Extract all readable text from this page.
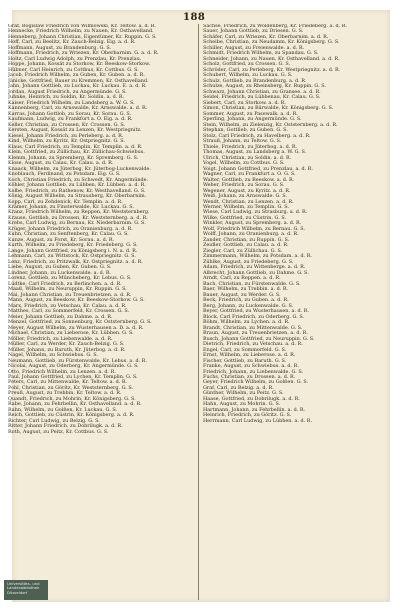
188
Graf, Bogislaw Friedrich von Wilmowski, Kr. Teltow. a. d. R.
Hennecke, Friedrich Wilhelm, zu Nauen, Kr. Osthavelland.
Henneberg, Johann Christian, Eigentümer, Kr. Ruppin. G. S.
Hoff, Carl, zu Beelitz, Kr. Zauch-Belzig. Eig. a. d. R.
Hoffmann, August, zu Brandenburg. G. S.
Hoffmann, Friedrich, zu Wriezen, Kr. Oberbarnim. G. a. d. R.
Holtz, Carl Ludwig Adolph, zu Prenzlau, Kr. Prenzlau.
Hoppe, Johann, Kossät zu Storkow, Kr. Beeskow-Storkow.
Hübner, Carl Heinrich, zu Cottbus, Kr. Cottbus. G. S.
Jacob, Friedrich Wilhelm, zu Guben, Kr. Guben. a. d. R.
Jänicke, Gottfried, Bauer zu Kremmen, Kr. Osthavelland.
Jahn, Johann Gottlieb, zu Luckau, Kr. Luckau. E. a. d. R.
Jordan, August Friedrich, zu Angermünde. G. S.
Juhnke, Heinrich, zu Soldin, Kr. Soldin. a. d. R.
Kaiser, Friedrich Wilhelm, zu Landsberg a. W. G. S.
Kannenberg, Carl, zu Arnswalde, Kr. Arnswalde. a. d. R.
Karras, Johann Gottlob, zu Sorau, Kr. Sorau. G. S.
Kaufmann, Ludwig, zu Frankfurt a. O. Eig. a. d. R.
Keller, Christian, zu Crossen, Kr. Crossen. G. S.
Kersten, August, Kossät zu Lenzen, Kr. Westpriegnitz.
Kiesel, Johann Friedrich, zu Perleberg. a. d. R.
Kind, Wilhelm, zu Kyritz, Kr. Ostpriegnitz. G. S.
Klaus, Carl Friedrich, zu Templin, Kr. Templin. a. d. R.
Klein, Gottfried, zu Züllichau, Kr. Züllichau-Schwiebus.
Klemm, Johann, zu Spremberg, Kr. Spremberg. G. S.
Klose, August, zu Calau, Kr. Calau. a. d. R.
Knaack, Wilhelm, zu Jüterbog, Kr. Jüterbog-Luckenwalde.
Knoblauch, Ferdinand, zu Potsdam. Eig. G. S.
Koch, Christian Friedrich, zu Schwedt, Kr. Angermünde.
Köhler, Johann Gottlieb, zu Lübben, Kr. Lübben. a. d. R.
Kolbe, Friedrich, zu Rathenow, Kr. Westhavelland. G. S.
König, August Wilhelm, zu Strausberg, Kr. Oberbarnim.
Kopp, Carl, zu Zehdenick, Kr. Templin. a. d. R.
Krämer, Johann, zu Finsterwalde, Kr. Luckau. G. S.
Kranz, Friedrich Wilhelm, zu Reppen, Kr. Weststernberg.
Krause, Gottlieb, zu Drossen, Kr. Weststernberg. a. d. R.
Krebs, Carl Ludwig, zu Bernau, Kr. Niederbarnim. G. S.
Krüger, Johann Friedrich, zu Oranienburg. a. d. R.
Kuhn, Christian, zu Senftenberg, Kr. Calau. G. S.
Kunze, August, zu Forst, Kr. Sorau. a. d. R.
Kurth, Wilhelm, zu Friedeberg, Kr. Friedeberg. G. S.
Lange, Johann Gottfried, zu Königsberg i. N. a. d. R.
Lehmann, Carl, zu Wittstock, Kr. Ostpriegnitz. G. S.
Lenz, Friedrich, zu Pritzwalk, Kr. Ostpriegnitz. a. d. R.
Liebe, August, zu Guben, Kr. Guben. G. S.
Lindner, Johann, zu Luckenwalde. a. d. R.
Lorenz, Gottlieb, zu Müncheberg, Kr. Lebus. G. S.
Lüdtke, Carl Friedrich, zu Berlinchen. a. d. R.
Maaß, Wilhelm, zu Neuruppin, Kr. Ruppin. G. S.
Mai, Johann Christian, zu Treuenbrietzen. a. d. R.
Mann, August, zu Beeskow, Kr. Beeskow-Storkow. G. S.
Marx, Friedrich, zu Vetschau, Kr. Calau. a. d. R.
Matthes, Carl, zu Sommerfeld, Kr. Crossen. G. S.
Meier, Johann Gottlieb, zu Dahme. a. d. R.
Menzel, Gottfried, zu Sonnenburg, Kr. Oststernberg. G. S.
Meyer, August Wilhelm, zu Wusterhausen a. D. a. d. R.
Michael, Christian, zu Lieberose, Kr. Lübben. G. S.
Möller, Friedrich, zu Liebenwalde. a. d. R.
Müller, Carl, zu Werder, Kr. Zauch-Belzig. G. S.
Müller, Johann, zu Baruth, Kr. Jüterbog. a. d. R.
Nagel, Wilhelm, zu Schwiebus. G. S.
Neumann, Gottlieb, zu Fürstenwalde, Kr. Lebus. a. d. R.
Nicolai, August, zu Oderberg, Kr. Angermünde. G. S.
Otto, Friedrich Wilhelm, zu Lenzen. a. d. R.
Paul, Johann Gottfried, zu Lychen, Kr. Templin. G. S.
Peters, Carl, zu Mittenwalde, Kr. Teltow. a. d. R.
Pohl, Christian, zu Göritz, Kr. Weststernberg. G. S.
Preuß, August, zu Trebbin, Kr. Teltow. a. d. R.
Quandt, Friedrich, zu Mohrin, Kr. Königsberg. G. S.
Rabe, Johann, zu Fehrbellin, Kr. Osthavelland. a. d. R.
Rahn, Wilhelm, zu Golßen, Kr. Luckau. G. S.
Reich, Gottlieb, zu Cüstrin, Kr. Königsberg. a. d. R.
Richter, Carl Ludwig, zu Belzig. G. S.
Ritter, Johann Friedrich, zu Dobrilugk. a. d. R.
Roth, August, zu Peitz, Kr. Cottbus. G. S.
Sachse, Friedrich, zu Woldenberg, Kr. Friedeberg. a. d. R.
Sauer, Johann Gottlieb, zu Driesen. G. S.
Schäfer, Carl, zu Wriezen, Kr. Oberbarnim. a. d. R.
Scheibe, Christian, zu Neudamm, Kr. Königsberg. G. S.
Schiller, August, zu Freienwalde. a. d. R.
Schmidt, Friedrich Wilhelm, zu Spandau. G. S.
Schneider, Johann, zu Nauen, Kr. Osthavelland. a. d. R.
Scholz, Gottfried, zu Crossen. G. S.
Schröder, Carl, zu Perleberg, Kr. Westpriegnitz. a. d. R.
Schubert, Wilhelm, zu Luckau. G. S.
Schulz, Gottlieb, zu Brandenburg. a. d. R.
Schulze, August, zu Rheinsberg, Kr. Ruppin. G. S.
Schwarz, Johann Christian, zu Gransee. a. d. R.
Seidel, Friedrich, zu Lübbenau, Kr. Calau. G. S.
Siebert, Carl, zu Storkow. a. d. R.
Simon, Christian, zu Bärwalde, Kr. Königsberg. G. S.
Sommer, August, zu Pasewalk. a. d. R.
Sperling, Johann, zu Angermünde. G. S.
Stein, Wilhelm, zu Zielenzig, Kr. Oststernberg. a. d. R.
Stephan, Gottlieb, zu Guben. G. S.
Stolz, Carl Friedrich, zu Havelberg. a. d. R.
Strauß, Johann, zu Teltow. G. S.
Thiele, Friedrich, zu Jüterbog. a. d. R.
Thomas, August, zu Landsberg a. W. G. S.
Ulrich, Christian, zu Soldin. a. d. R.
Vogel, Wilhelm, zu Cottbus. G. S.
Voigt, Johann Gottfried, zu Prenzlau. a. d. R.
Wagner, Carl, zu Frankfurt a. O. G. S.
Walter, Gottlieb, zu Beeskow. a. d. R.
Weber, Friedrich, zu Sorau. G. S.
Wegener, August, zu Kyritz. a. d. R.
Weiß, Johann, zu Arnswalde. G. S.
Wendt, Christian, zu Lenzen. a. d. R.
Werner, Wilhelm, zu Templin. G. S.
Wiese, Carl Ludwig, zu Strasburg. a. d. R.
Wilke, Gottfried, zu Cüstrin. G. S.
Winkler, August, zu Spremberg. a. d. R.
Wolf, Friedrich Wilhelm, zu Bernau. G. S.
Wolff, Johann, zu Oranienburg. a. d. R.
Zander, Christian, zu Ruppin. G. S.
Zeidler, Gottlieb, zu Calau. a. d. R.
Ziegler, Carl, zu Züllichau. G. S.
Zimmermann, Wilhelm, zu Potsdam. a. d. R.
Zühlke, August, zu Friedeberg. G. S.
Adam, Friedrich, zu Wittenberge. a. d. R.
Albrecht, Johann Gottlieb, zu Dahme. G. S.
Arndt, Carl, zu Reppen. a. d. R.
Bach, Christian, zu Fürstenwalde. G. S.
Baer, Wilhelm, zu Trebbin. a. d. R.
Bauer, August, zu Werder. G. S.
Beck, Friedrich, zu Guben. a. d. R.
Berg, Johann, zu Luckenwalde. G. S.
Beyer, Gottfried, zu Wusterhausen. a. d. R.
Block, Carl Friedrich, zu Oderberg. G. S.
Böhm, Wilhelm, zu Lychen. a. d. R.
Brandt, Christian, zu Mittenwalde. G. S.
Braun, August, zu Treuenbrietzen. a. d. R.
Busch, Johann Gottfried, zu Neuruppin. G. S.
Dietrich, Friedrich, zu Vetschau. a. d. R.
Engel, Carl, zu Sommerfeld. G. S.
Ernst, Wilhelm, zu Lieberose. a. d. R.
Fischer, Gottlieb, zu Baruth. G. S.
Franke, August, zu Schwiebus. a. d. R.
Friedrich, Johann, zu Liebenwalde. G. S.
Fuchs, Christian, zu Drossen. a. d. R.
Geyer, Friedrich Wilhelm, zu Golßen. G. S.
Graf, Carl, zu Belzig. a. d. R.
Günther, Wilhelm, zu Peitz. G. S.
Haase, Gottfried, zu Dobrilugk. a. d. R.
Hahn, August, zu Mohrin. G. S.
Hartmann, Johann, zu Fehrbellin. a. d. R.
Heinrich, Friedrich, zu Göritz. G. S.
Herrmann, Carl Ludwig, zu Lübben. a. d. R.
Universitäts- und
Landesbibliothek
Düsseldorf
